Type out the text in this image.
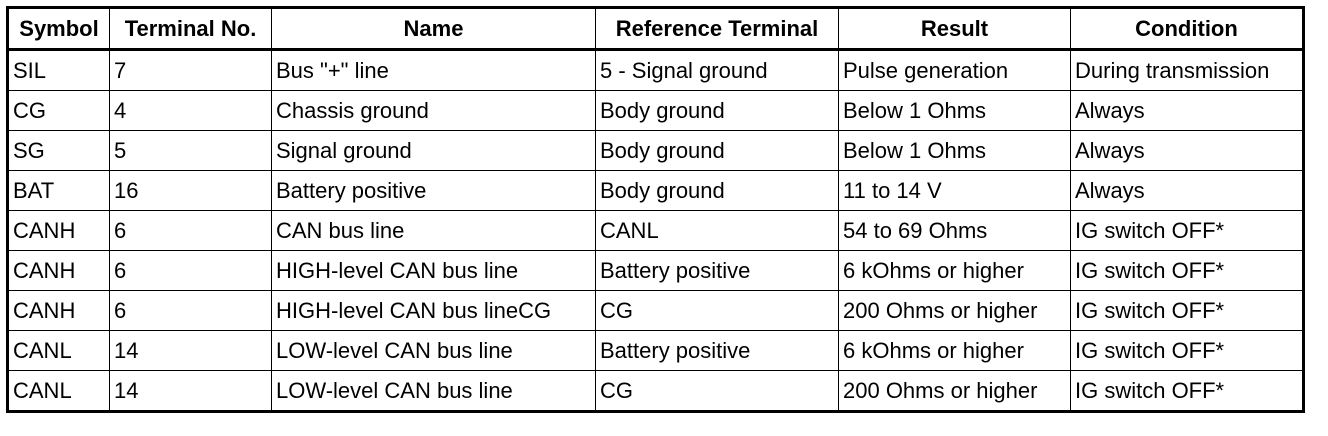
Symbol	Terminal No.	Name	Reference Terminal	Result	Condition
SIL	7	Bus "+" line	5 - Signal ground	Pulse generation	During transmission
CG	4	Chassis ground	Body ground	Below 1 Ohms	Always
SG	5	Signal ground	Body ground	Below 1 Ohms	Always
BAT	16	Battery positive	Body ground	11 to 14 V	Always
CANH	6	CAN bus line	CANL	54 to 69 Ohms	IG switch OFF*
CANH	6	HIGH-level CAN bus line	Battery positive	6 kOhms or higher	IG switch OFF*
CANH	6	HIGH-level CAN bus lineCG	CG	200 Ohms or higher	IG switch OFF*
CANL	14	LOW-level CAN bus line	Battery positive	6 kOhms or higher	IG switch OFF*
CANL	14	LOW-level CAN bus line	CG	200 Ohms or higher	IG switch OFF*
